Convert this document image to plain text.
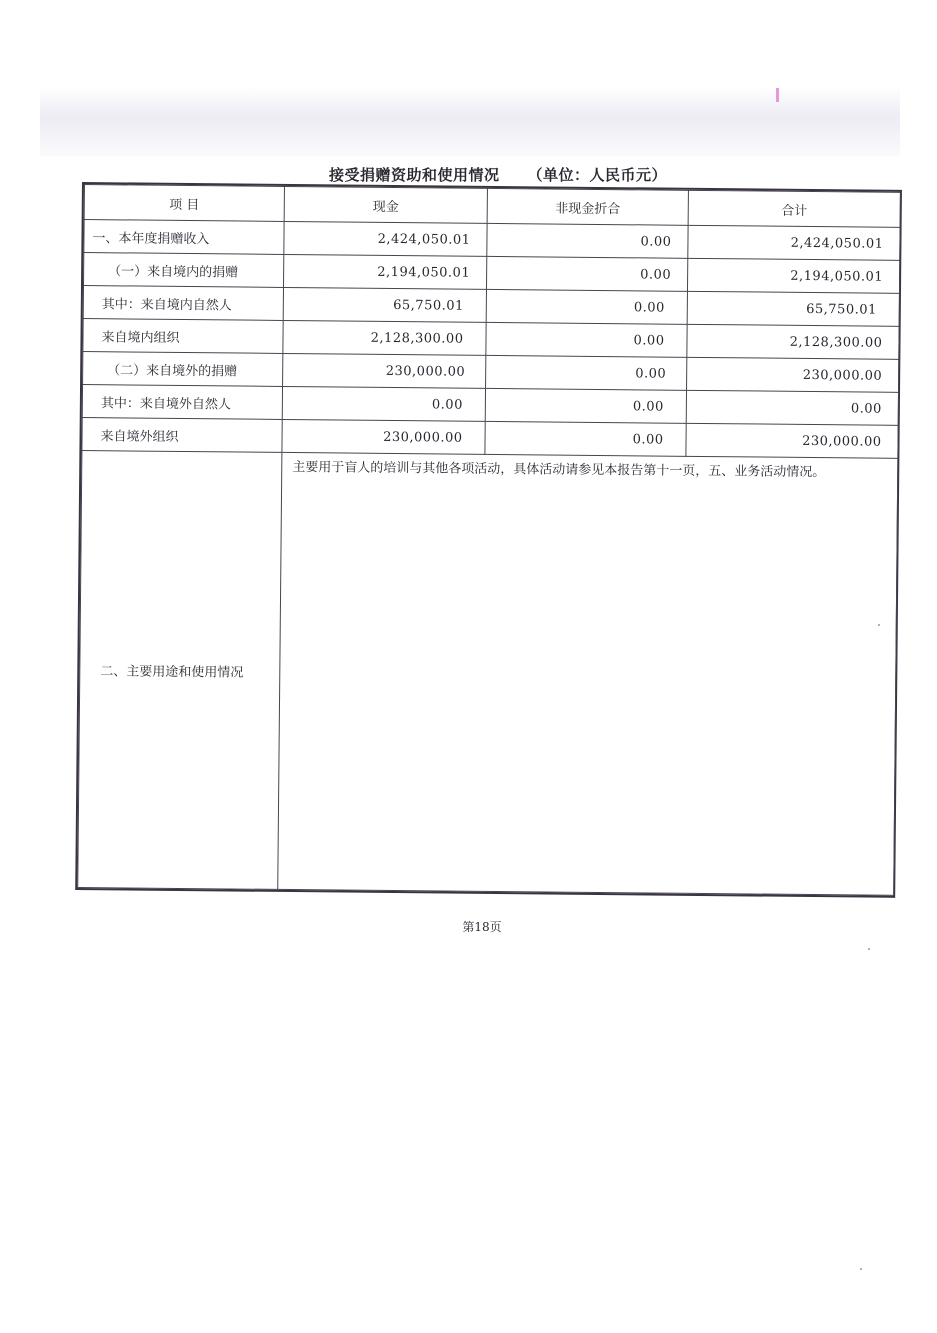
接受捐赠资助和使用情况 （单位：人民币元）
项 目	现金	非现金折合	合计
一、本年度捐赠收入	2,424,050.01	0.00	2,424,050.01
（一）来自境内的捐赠	2,194,050.01	0.00	2,194,050.01
其中：来自境内自然人	65,750.01	0.00	65,750.01
来自境内组织	2,128,300.00	0.00	2,128,300.00
（二）来自境外的捐赠	230,000.00	0.00	230,000.00
其中：来自境外自然人	0.00	0.00	0.00
来自境外组织	230,000.00	0.00	230,000.00
二、主要用途和使用情况	主要用于盲人的培训与其他各项活动，具体活动请参见本报告第十一页，五、业务活动情况。		
第18页
